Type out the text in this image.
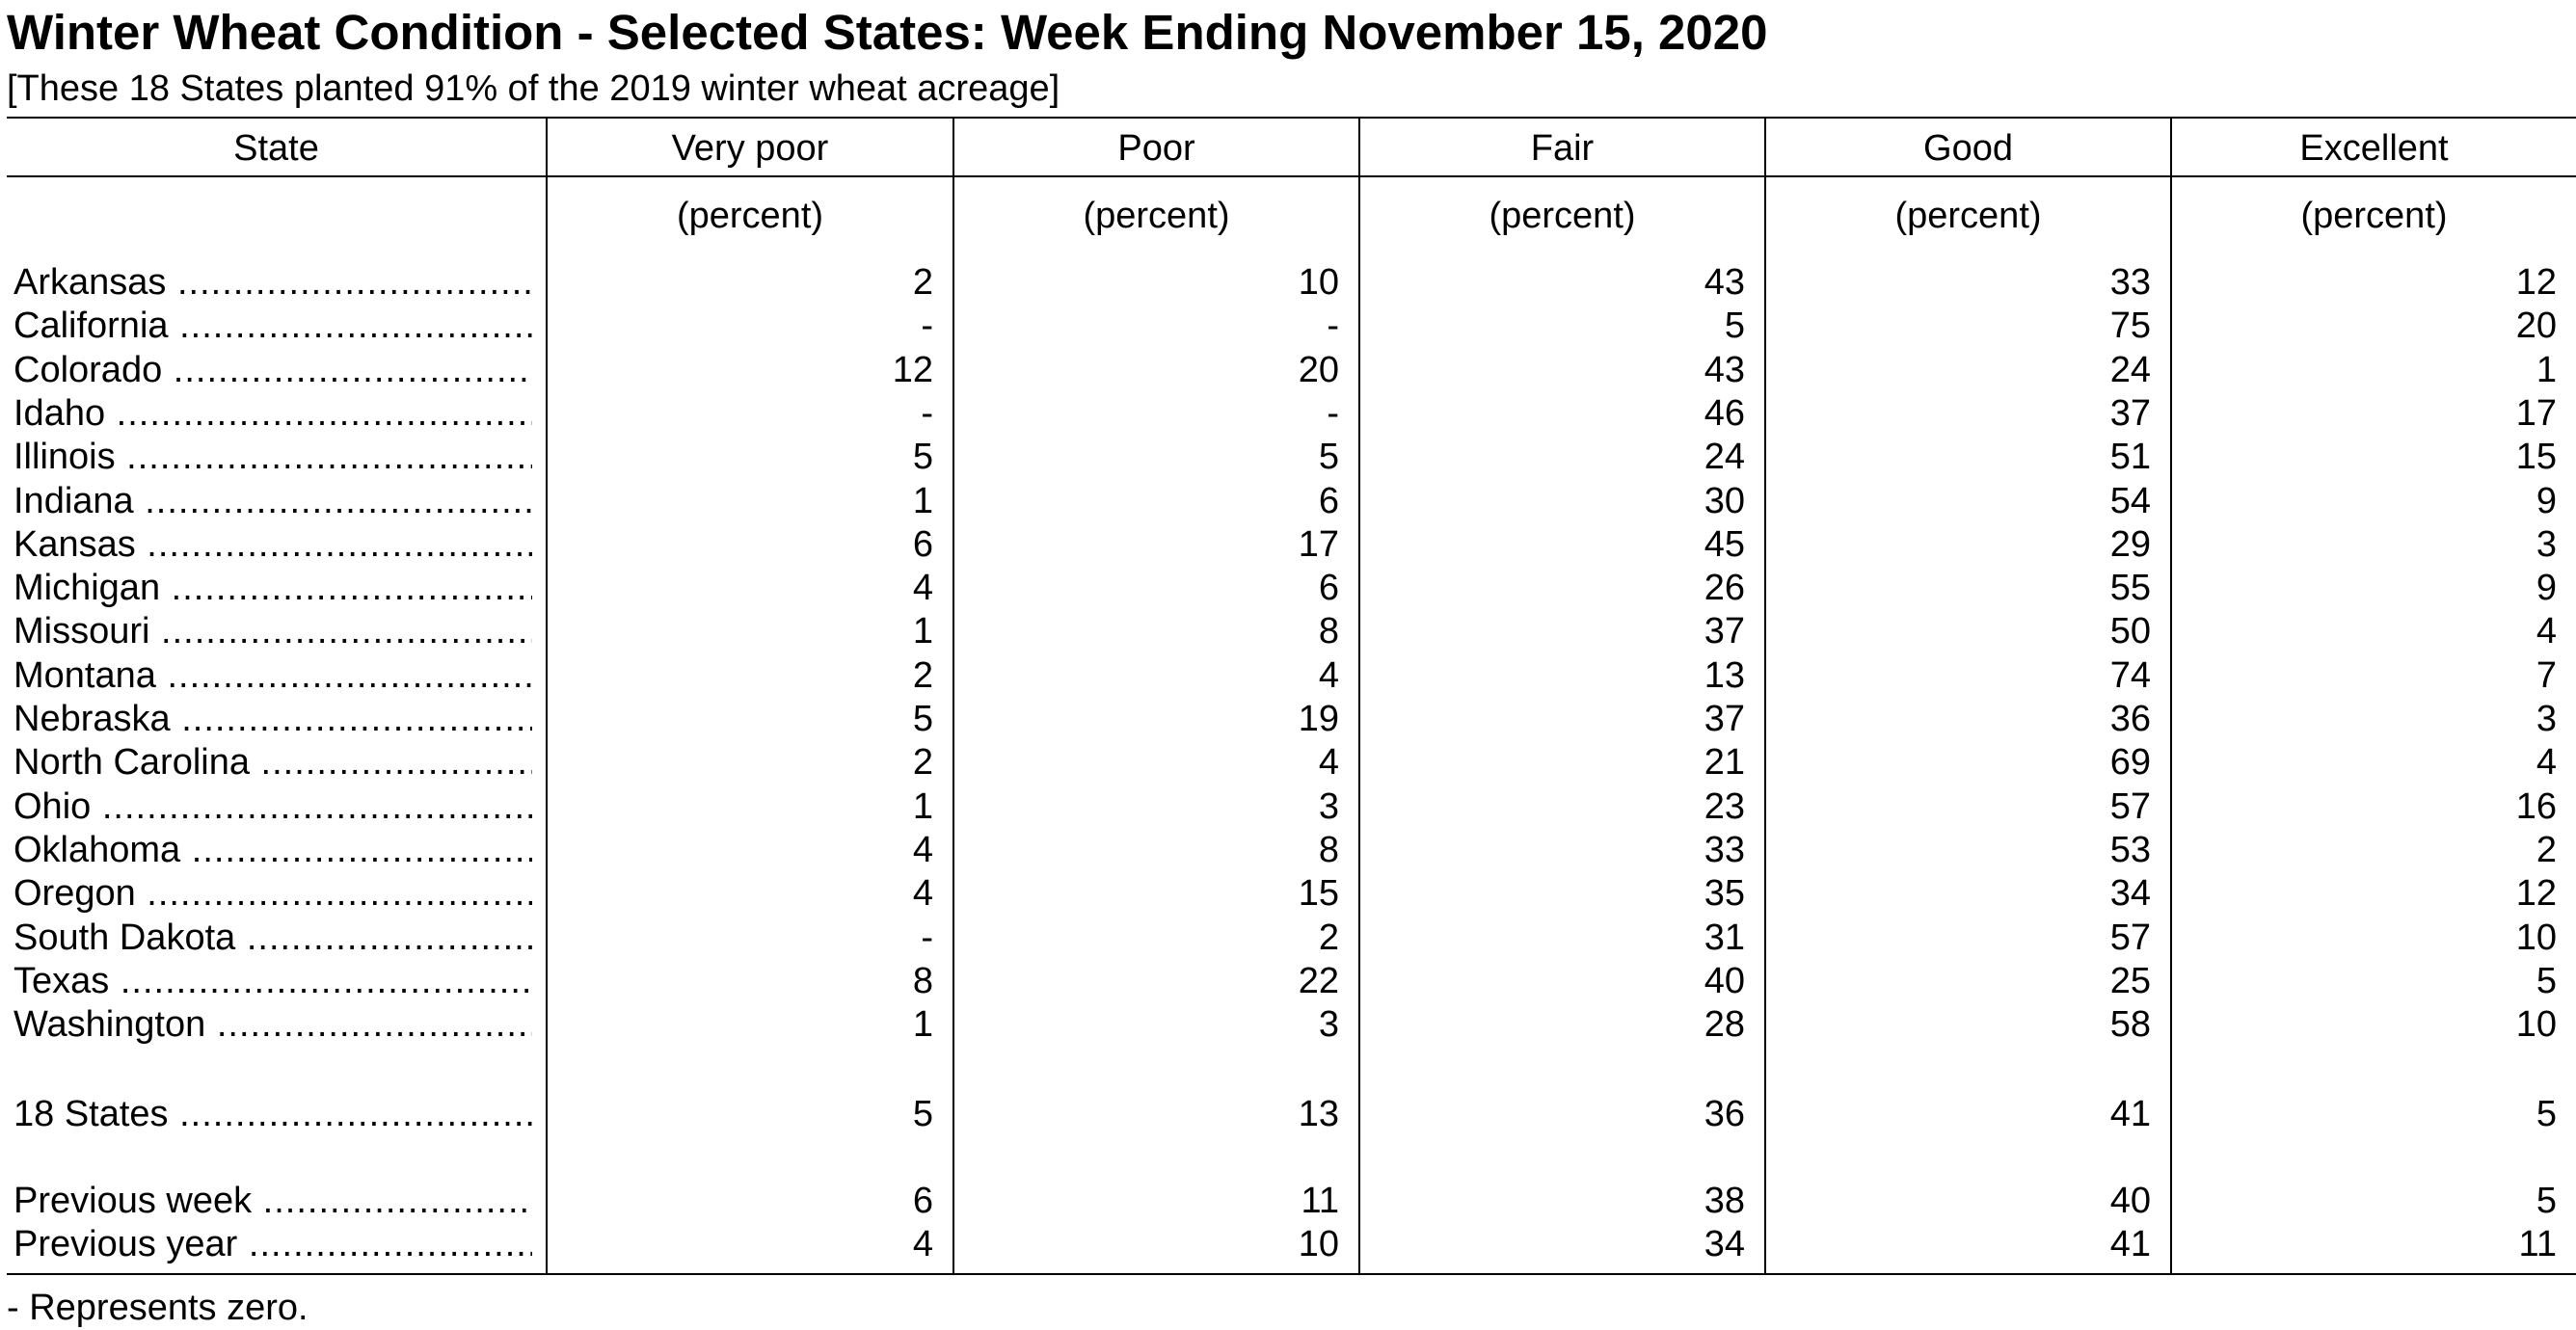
Winter Wheat Condition - Selected States: Week Ending November 15, 2020
[These 18 States planted 91% of the 2019 winter wheat acreage]
State	Very poor	Poor	Fair	Good	Excellent
(percent)	(percent)	(percent)	(percent)	(percent)
Arkansas .....	2	10	43	33	12
California .....	-	-	5	75	20
Colorado .....	12	20	43	24	1
Idaho .....	-	-	46	37	17
Illinois .....	5	5	24	51	15
Indiana .....	1	6	30	54	9
Kansas .....	6	17	45	29	3
Michigan .....	4	6	26	55	9
Missouri .....	1	8	37	50	4
Montana .....	2	4	13	74	7
Nebraska .....	5	19	37	36	3
North Carolina .....	2	4	21	69	4
Ohio .....	1	3	23	57	16
Oklahoma .....	4	8	33	53	2
Oregon .....	4	15	35	34	12
South Dakota .....	-	2	31	57	10
Texas .....	8	22	40	25	5
Washington .....	1	3	28	58	10
18 States .....	5	13	36	41	5
Previous week .....	6	11	38	40	5
Previous year .....	4	10	34	41	11
- Represents zero.
